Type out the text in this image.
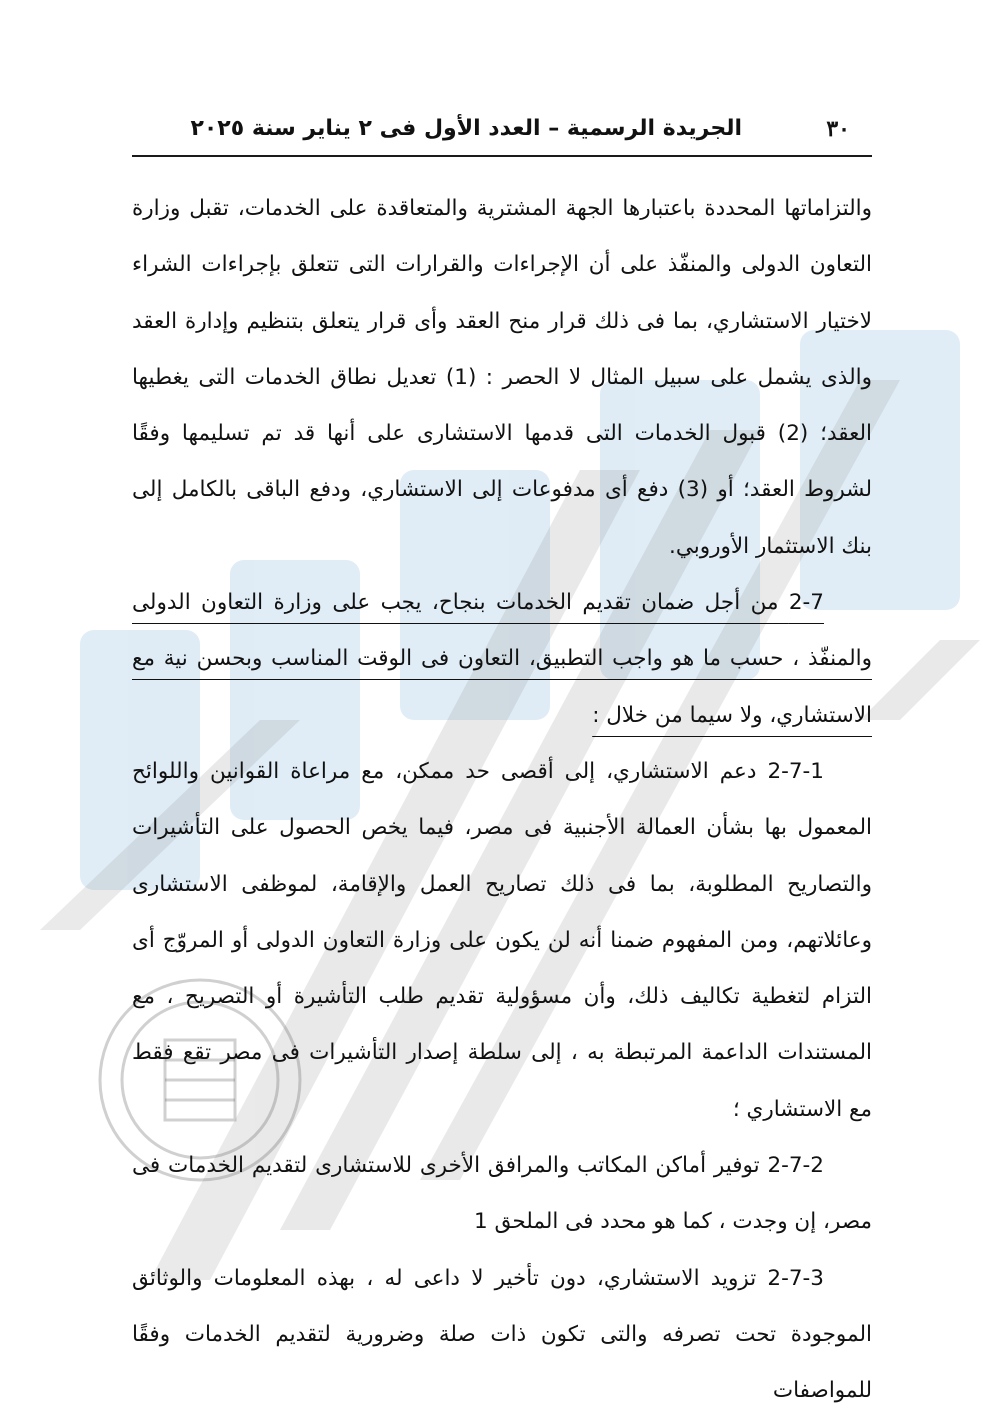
٣٠
الجريدة الرسمية – العدد الأول فى ٢ يناير سنة ٢٠٢٥

والتزاماتها المحددة باعتبارها الجهة المشترية والمتعاقدة على الخدمات، تقبل وزارة التعاون الدولى والمنفّذ على أن الإجراءات والقرارات التى تتعلق بإجراءات الشراء لاختيار الاستشاري، بما فى ذلك قرار منح العقد وأى قرار يتعلق بتنظيم وإدارة العقد والذى يشمل على سبيل المثال لا الحصر : (1) تعديل نطاق الخدمات التى يغطيها العقد؛ (2) قبول الخدمات التى قدمها الاستشارى على أنها قد تم تسليمها وفقًا لشروط العقد؛ أو (3) دفع أى مدفوعات إلى الاستشاري، ودفع الباقى بالكامل إلى بنك الاستثمار الأوروبي.

2-7 من أجل ضمان تقديم الخدمات بنجاح، يجب على وزارة التعاون الدولى والمنفّذ ، حسب ما هو واجب التطبيق، التعاون فى الوقت المناسب وبحسن نية مع الاستشاري، ولا سيما من خلال :

2-7-1 دعم الاستشاري، إلى أقصى حد ممكن، مع مراعاة القوانين واللوائح المعمول بها بشأن العمالة الأجنبية فى مصر، فيما يخص الحصول على التأشيرات والتصاريح المطلوبة، بما فى ذلك تصاريح العمل والإقامة، لموظفى الاستشارى وعائلاتهم، ومن المفهوم ضمنا أنه لن يكون على وزارة التعاون الدولى أو المروّج أى التزام لتغطية تكاليف ذلك، وأن مسؤولية تقديم طلب التأشيرة أو التصريح ، مع المستندات الداعمة المرتبطة به ، إلى سلطة إصدار التأشيرات فى مصر تقع فقط مع الاستشاري ؛

2-7-2 توفير أماكن المكاتب والمرافق الأخرى للاستشارى لتقديم الخدمات فى مصر، إن وجدت ، كما هو محدد فى الملحق 1

2-7-3 تزويد الاستشاري، دون تأخير لا داعى له ، بهذه المعلومات والوثائق الموجودة تحت تصرفه والتى تكون ذات صلة وضرورية لتقديم الخدمات وفقًا للمواصفات
